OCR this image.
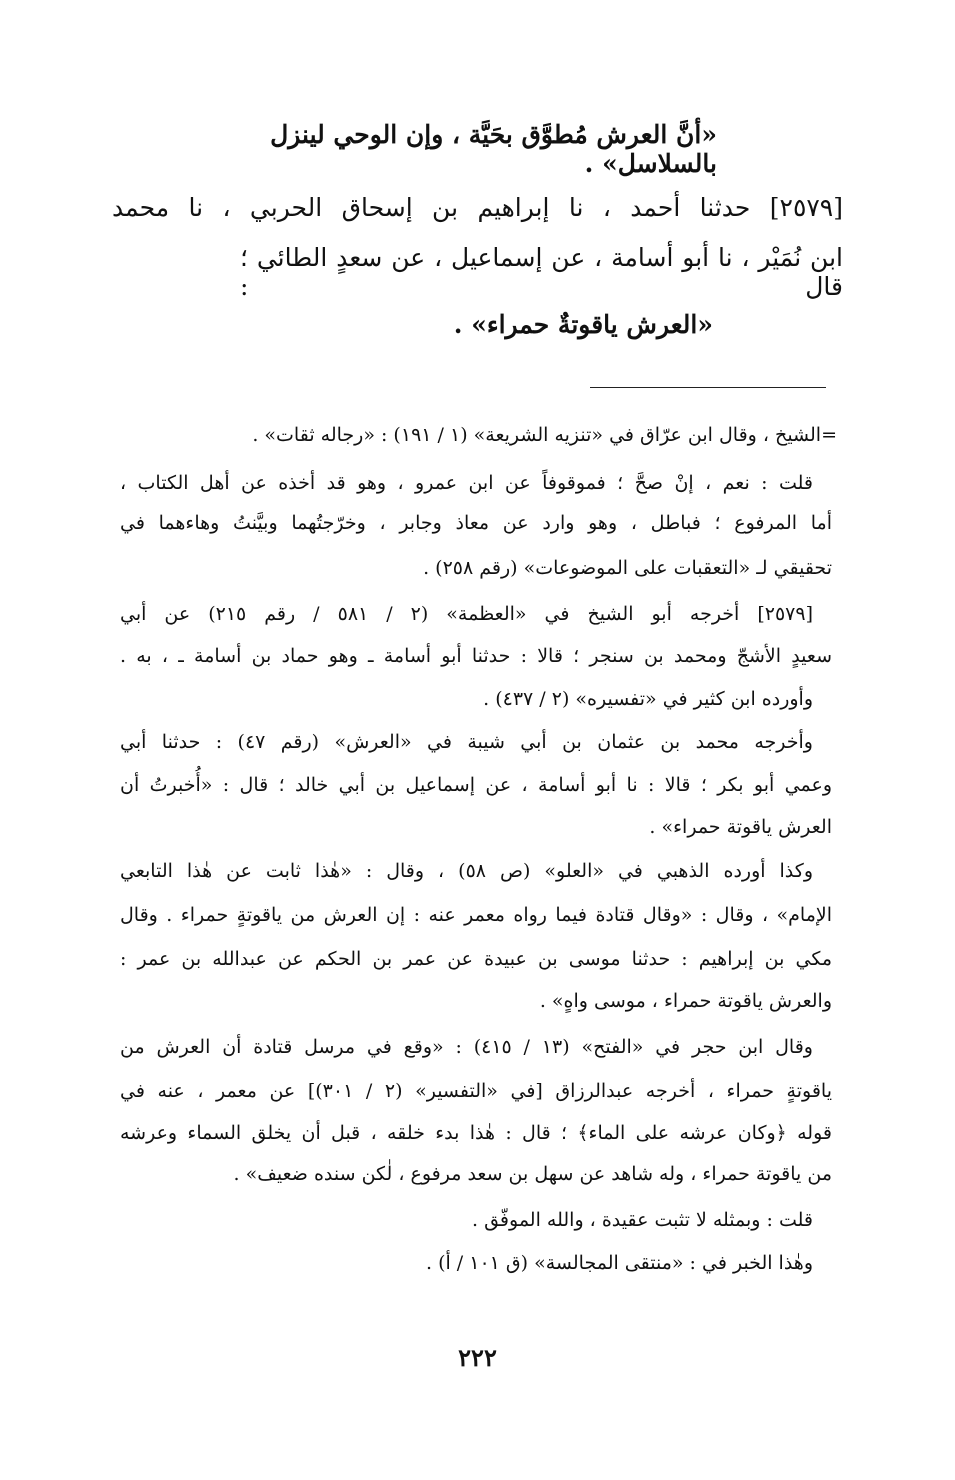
«أنَّ العرش مُطوَّق بحَيَّة ، وإن الوحي لينزل بالسلاسل» .
[٢٥٧٩] حدثنا أحمد ، نا إبراهيم بن إسحاق الحربي ، نا محمد
ابن نُمَيْر ، نا أبو أسامة ، عن إسماعيل ، عن سعدٍ الطائي ؛ قال :
«العرش ياقوتةٌ حمراء» .
=الشيخ ، وقال ابن عرّاق في «تنزيه الشريعة» (١ / ١٩١) : «رجاله ثقات» .
قلت : نعم ، إنْ صحَّ ؛ فموقوفاً عن ابن عمرو ، وهو قد أخذه عن أهل الكتاب ،
أما المرفوع ؛ فباطل ، وهو وارد عن معاذ وجابر ، وخرّجتُهما وبيَّنتُ وهاءهما في
تحقيقي لـ «التعقبات على الموضوعات» (رقم ٢٥٨) .
[٢٥٧٩] أخرجه أبو الشيخ في «العظمة» (٢ / ٥٨١ / رقم ٢١٥) عن أبي
سعيدٍ الأشجّ ومحمد بن سنجر ؛ قالا : حدثنا أبو أسامة ـ وهو حماد بن أسامة ـ ، به .
وأورده ابن كثير في «تفسيره» (٢ / ٤٣٧) .
وأخرجه محمد بن عثمان بن أبي شيبة في «العرش» (رقم ٤٧) : حدثنا أبي
وعمي أبو بكر ؛ قالا : نا أبو أسامة ، عن إسماعيل بن أبي خالد ؛ قال : «أُخبرتُ أن
العرش ياقوتة حمراء» .
وكذا أورده الذهبي في «العلو» (ص ٥٨) ، وقال : «هٰذا ثابت عن هٰذا التابعي
الإمام» ، وقال : «وقال قتادة فيما رواه معمر عنه : إن العرش من ياقوتةٍ حمراء . وقال
مكي بن إبراهيم : حدثنا موسى بن عبيدة عن عمر بن الحكم عن عبدالله بن عمر :
والعرش ياقوتة حمراء ، موسى واهٍ» .
وقال ابن حجر في «الفتح» (١٣ / ٤١٥) : «وقع في مرسل قتادة أن العرش من
ياقوتةٍ حمراء ، أخرجه عبدالرزاق [في «التفسير» (٢ / ٣٠١)] عن معمر ، عنه في
قوله ﴿وكان عرشه على الماء﴾ ؛ قال : هٰذا بدء خلقه ، قبل أن يخلق السماء وعرشه
من ياقوتة حمراء ، وله شاهد عن سهل بن سعد مرفوع ، لٰكن سنده ضعيف» .
قلت : وبمثله لا تثبت عقيدة ، والله الموفّق .
وهٰذا الخبر في : «منتقى المجالسة» (ق ١٠١ / أ) .
٢٢٢
